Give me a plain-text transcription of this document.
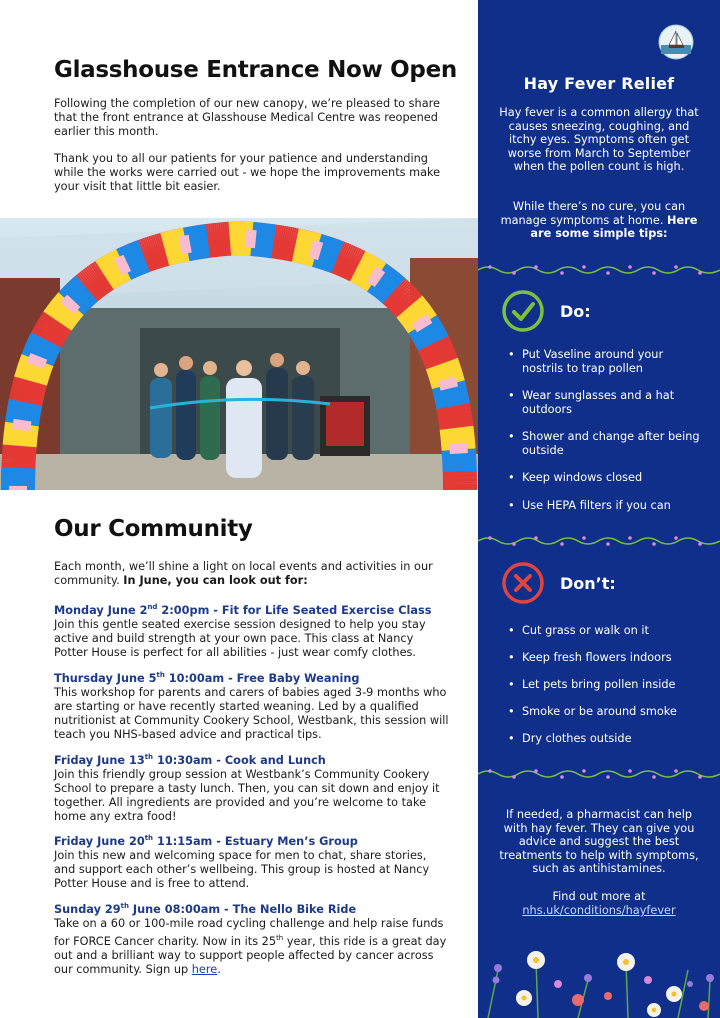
Glasshouse Entrance Now Open

Following the completion of our new canopy, we’re pleased to share that the front entrance at Glasshouse Medical Centre was reopened earlier this month.

Thank you to all our patients for your patience and understanding while the works were carried out - we hope the improvements make your visit that little bit easier.

Our Community

Each month, we’ll shine a light on local events and activities in our community. In June, you can look out for:

Monday June 2nd 2:00pm - Fit for Life Seated Exercise Class
Join this gentle seated exercise session designed to help you stay active and build strength at your own pace. This class at Nancy Potter House is perfect for all abilities - just wear comfy clothes.
Thursday June 5th 10:00am - Free Baby Weaning
This workshop for parents and carers of babies aged 3-9 months who are starting or have recently started weaning. Led by a qualified nutritionist at Community Cookery School, Westbank, this session will teach you NHS-based advice and practical tips.
Friday June 13th 10:30am - Cook and Lunch
Join this friendly group session at Westbank’s Community Cookery School to prepare a tasty lunch. Then, you can sit down and enjoy it together. All ingredients are provided and you’re welcome to take home any extra food!
Friday June 20th 11:15am - Estuary Men’s Group
Join this new and welcoming space for men to chat, share stories, and support each other’s wellbeing. This group is hosted at Nancy Potter House and is free to attend.
Sunday 29th June 08:00am - The Nello Bike Ride
Take on a 60 or 100-mile road cycling challenge and help raise funds for FORCE Cancer charity. Now in its 25th year, this ride is a great day out and a brilliant way to support people affected by cancer across our community. Sign up here.
Hay Fever Relief
Hay fever is a common allergy that causes sneezing, coughing, and itchy eyes. Symptoms often get worse from March to September when the pollen count is high.
While there’s no cure, you can manage symptoms at home. Here are some simple tips:
Do:
• Put Vaseline around your nostrils to trap pollen
• Wear sunglasses and a hat outdoors
• Shower and change after being outside
• Keep windows closed
• Use HEPA filters if you can
Don’t:
• Cut grass or walk on it
• Keep fresh flowers indoors
• Let pets bring pollen inside
• Smoke or be around smoke
• Dry clothes outside
If needed, a pharmacist can help with hay fever. They can give you advice and suggest the best treatments to help with symptoms, such as antihistamines.
Find out more at
nhs.uk/conditions/hayfever
